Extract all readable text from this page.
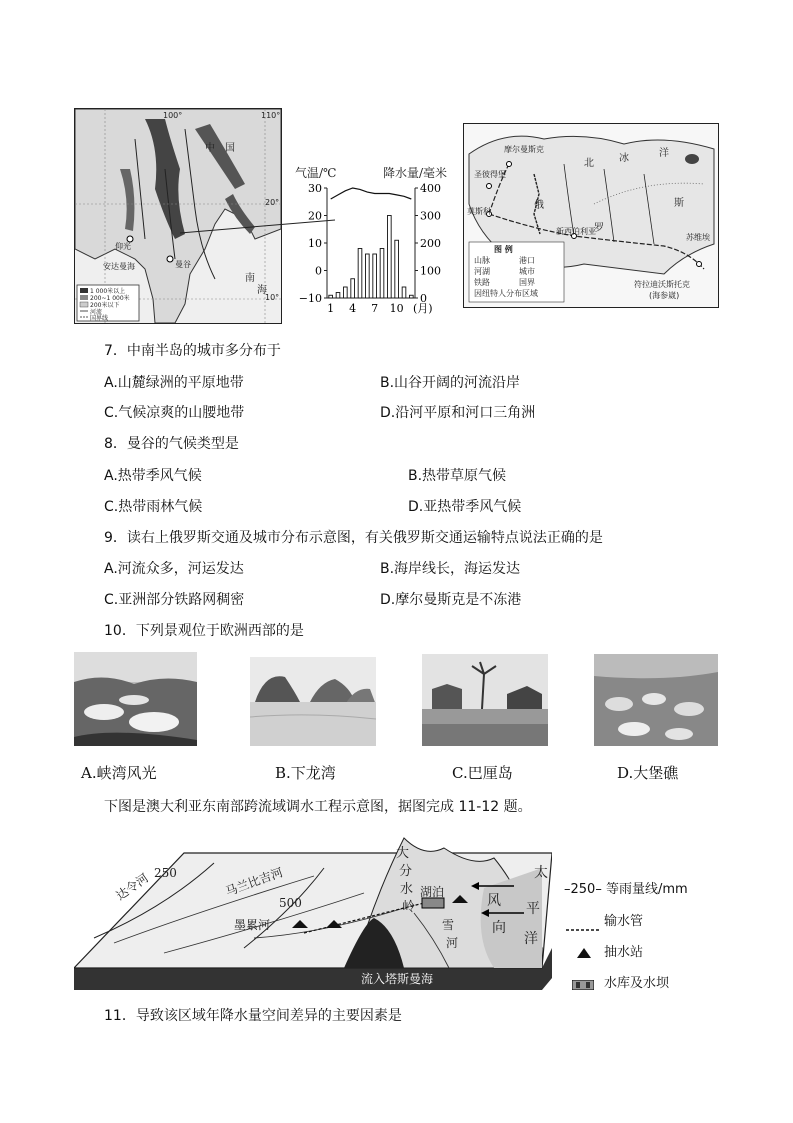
100°	110°
20°
10°
中 国
曼谷
仰光
安达曼海
南
海
1 000米以上
200~1 000米
200米以下
河流
国界线
气温/℃	降水量/毫米
30
20
10
0
−10
400
300
200
100
0
1 4 7 10 (月)
摩尔曼斯克
圣彼得堡
北	冰	洋
莫斯科
俄
罗
斯
新西伯利亚
苏维埃
符拉迪沃斯托克
(海参崴)
图 例
山脉	港口
河湖	城市
铁路	国界
因纽特人分布区域
7．中南半岛的城市多分布于
A.山麓绿洲的平原地带	B.山谷开阔的河流沿岸
C.气候凉爽的山腰地带	D.沿河平原和河口三角洲
8．曼谷的气候类型是
A.热带季风气候	B.热带草原气候
C.热带雨林气候	D.亚热带季风气候
9．读右上俄罗斯交通及城市分布示意图，有关俄罗斯交通运输特点说法正确的是
A.河流众多，河运发达	B.海岸线长，海运发达
C.亚洲部分铁路网稠密	D.摩尔曼斯克是不冻港
10．下列景观位于欧洲西部的是
A.峡湾风光	B.下龙湾	C.巴厘岛	D.大堡礁
下图是澳大利亚东南部跨流域调水工程示意图，据图完成 11-12 题。
达令河 250	马兰比吉河
500
墨累河
大
分
水
岭
湖泊
雪
河
风
向
太
平
洋
流入塔斯曼海
–250– 等雨量线/mm
输水管
抽水站
水库及水坝
11．导致该区域年降水量空间差异的主要因素是
